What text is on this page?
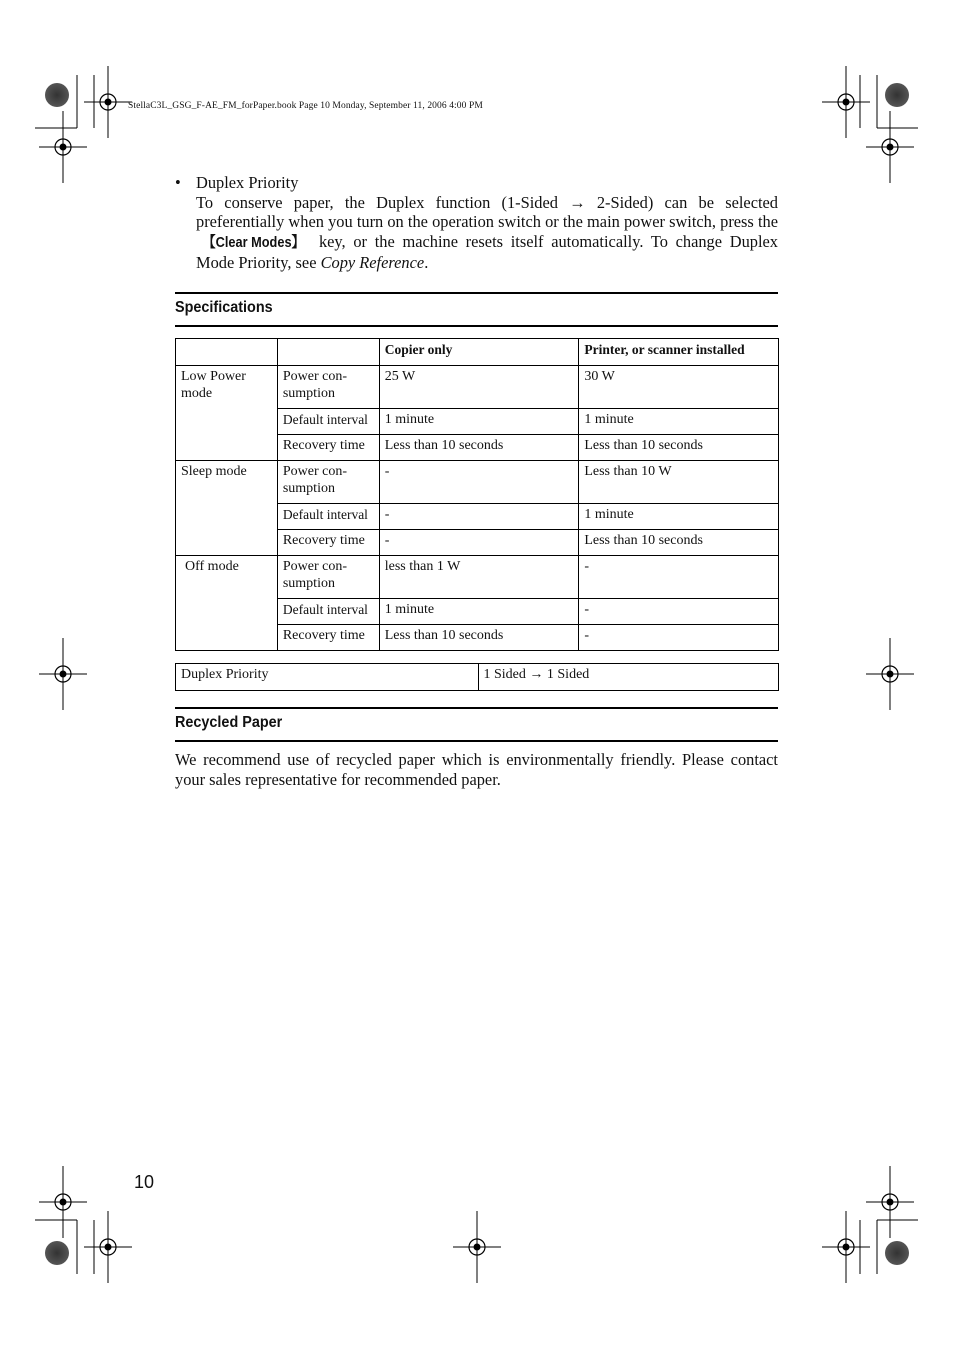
StellaC3L_GSG_F-AE_FM_forPaper.book Page 10 Monday, September 11, 2006 4:00 PM
• Duplex Priority
To conserve paper, the Duplex function (1-Sided → 2-Sided) can be selected preferentially when you turn on the operation switch or the main power switch, press the 【Clear Modes】 key, or the machine resets itself automatically. To change Duplex Mode Priority, see Copy Reference.
Specifications
		Copier only	Printer, or scanner installed
Low Power mode	Power con-sumption	25 W	30 W
	Default interval	1 minute	1 minute
	Recovery time	Less than 10 seconds	Less than 10 seconds
Sleep mode	Power con-sumption	-	Less than 10 W
	Default interval	-	1 minute
	Recovery time	-	Less than 10 seconds
Off mode	Power con-sumption	less than 1 W	-
	Default interval	1 minute	-
	Recovery time	Less than 10 seconds	-
Duplex Priority	1 Sided → 1 Sided
Recycled Paper
We recommend use of recycled paper which is environmentally friendly. Please contact your sales representative for recommended paper.
10
